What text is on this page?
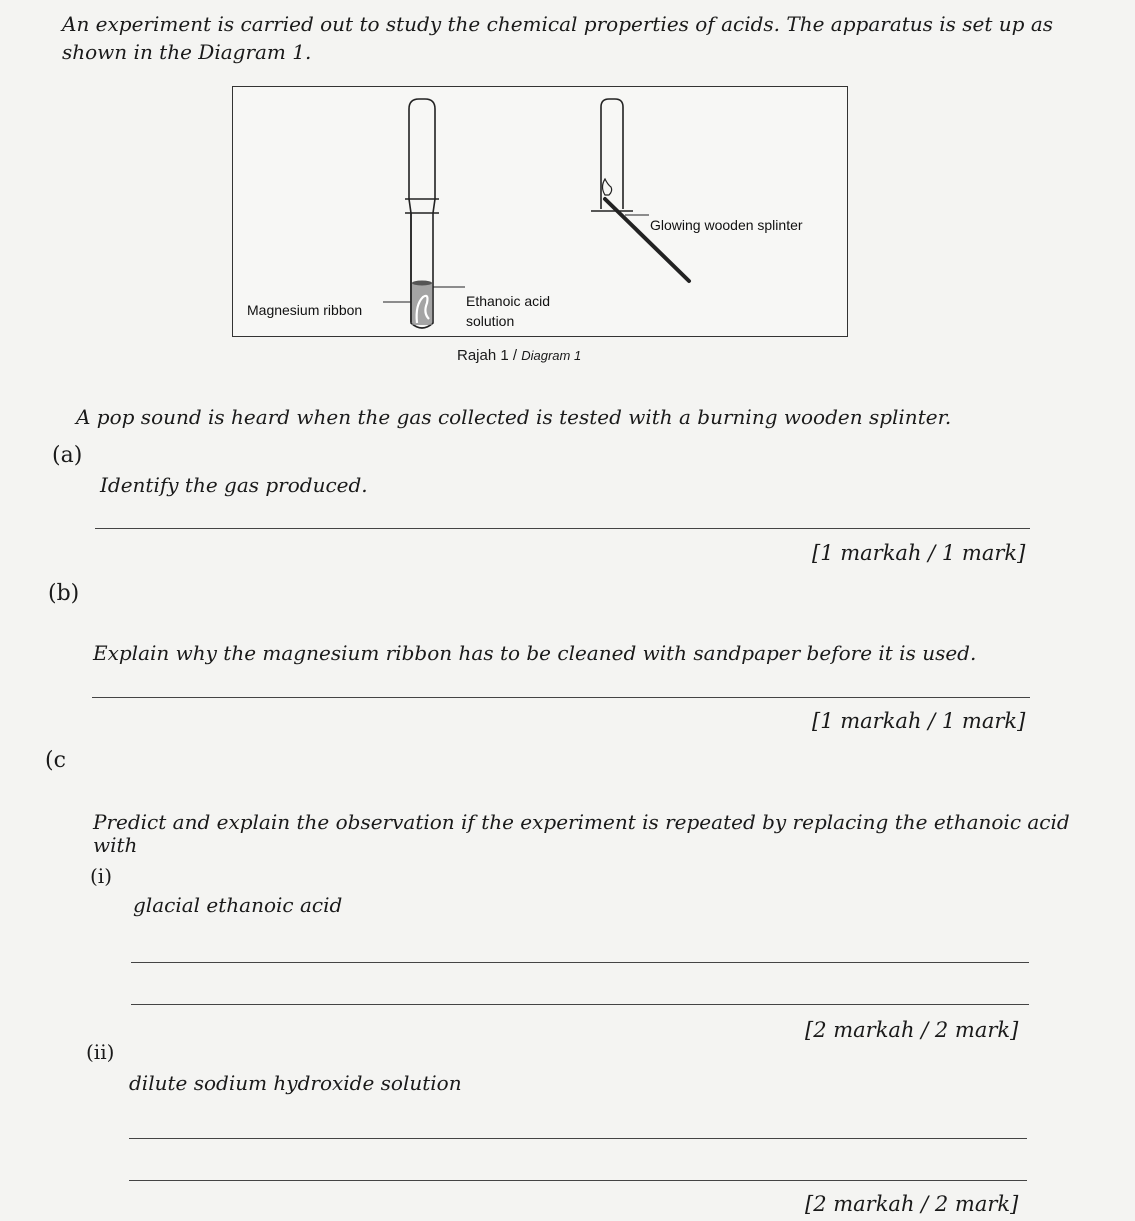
An experiment is carried out to study the chemical properties of acids. The apparatus is set up as
shown in the Diagram 1.
Glowing wooden splinter
Ethanoic acid
solution
Magnesium ribbon
Rajah 1 / Diagram 1
A pop sound is heard when the gas collected is tested with a burning wooden splinter.
(a)
Identify the gas produced.
[1 markah / 1 mark]
(b)
Explain why the magnesium ribbon has to be cleaned with sandpaper before it is used.
[1 markah / 1 mark]
(c
Predict and explain the observation if the experiment is repeated by replacing the ethanoic acid
with
(i)
glacial ethanoic acid
[2 markah / 2 mark]
(ii)
dilute sodium hydroxide solution
[2 markah / 2 mark]
